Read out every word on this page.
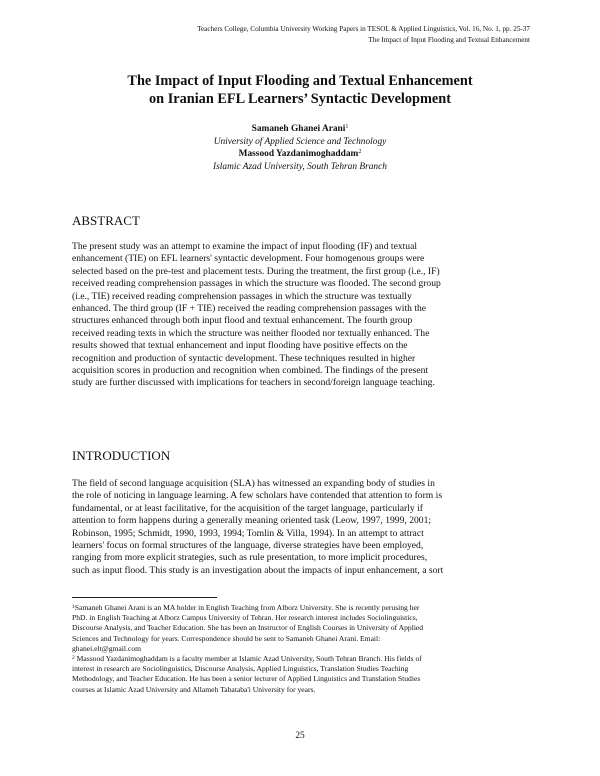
Teachers College, Columbia University Working Papers in TESOL & Applied Linguistics, Vol. 16, No. 1, pp. 25-37
The Impact of Input Flooding and Textual Enhancement
The Impact of Input Flooding and Textual Enhancement
on Iranian EFL Learners’ Syntactic Development
Samaneh Ghanei Arani$^1$
University of Applied Science and Technology
Massood Yazdanimoghaddam$^2$
Islamic Azad University, South Tehran Branch
ABSTRACT
The present study was an attempt to examine the impact of input flooding (IF) and textual
enhancement (TIE) on EFL learners' syntactic development. Four homogenous groups were
selected based on the pre-test and placement tests. During the treatment, the first group (i.e., IF)
received reading comprehension passages in which the structure was flooded. The second group
(i.e., TIE) received reading comprehension passages in which the structure was textually
enhanced. The third group (IF + TIE) received the reading comprehension passages with the
structures enhanced through both input flood and textual enhancement. The fourth group
received reading texts in which the structure was neither flooded nor textually enhanced. The
results showed that textual enhancement and input flooding have positive effects on the
recognition and production of syntactic development. These techniques resulted in higher
acquisition scores in production and recognition when combined. The findings of the present
study are further discussed with implications for teachers in second/foreign language teaching.
INTRODUCTION
The field of second language acquisition (SLA) has witnessed an expanding body of studies in
the role of noticing in language learning. A few scholars have contended that attention to form is
fundamental, or at least facilitative, for the acquisition of the target language, particularly if
attention to form happens during a generally meaning oriented task (Leow, 1997, 1999, 2001;
Robinson, 1995; Schmidt, 1990, 1993, 1994; Tomlin & Villa, 1994). In an attempt to attract
learners' focus on formal structures of the language, diverse strategies have been employed,
ranging from more explicit strategies, such as rule presentation, to more implicit procedures,
such as input flood. This study is an investigation about the impacts of input enhancement, a sort

$^1$Samaneh Ghanei Arani is an MA holder in English Teaching from Alborz University. She is recently perusing her
PhD. in English Teaching at Alborz Campus University of Tehran. Her research interest includes Sociolinguistics,
Discourse Analysis, and Teacher Education. She has been an Instructor of English Courses in University of Applied
Sciences and Technology for years. Correspondence should be sent to Samaneh Ghanei Arani. Email:
ghanei.elt@gmail.com

$^2$ Massood Yazdanimoghaddam is a faculty member at Islamic Azad University, South Tehran Branch. His fields of
interest in research are Sociolinguistics, Discourse Analysis, Applied Linguistics, Translation Studies Teaching
Methodology, and Teacher Education. He has been a senior lecturer of Applied Linguistics and Translation Studies
courses at Islamic Azad University and Allameh Tabataba'i University for years.

25
